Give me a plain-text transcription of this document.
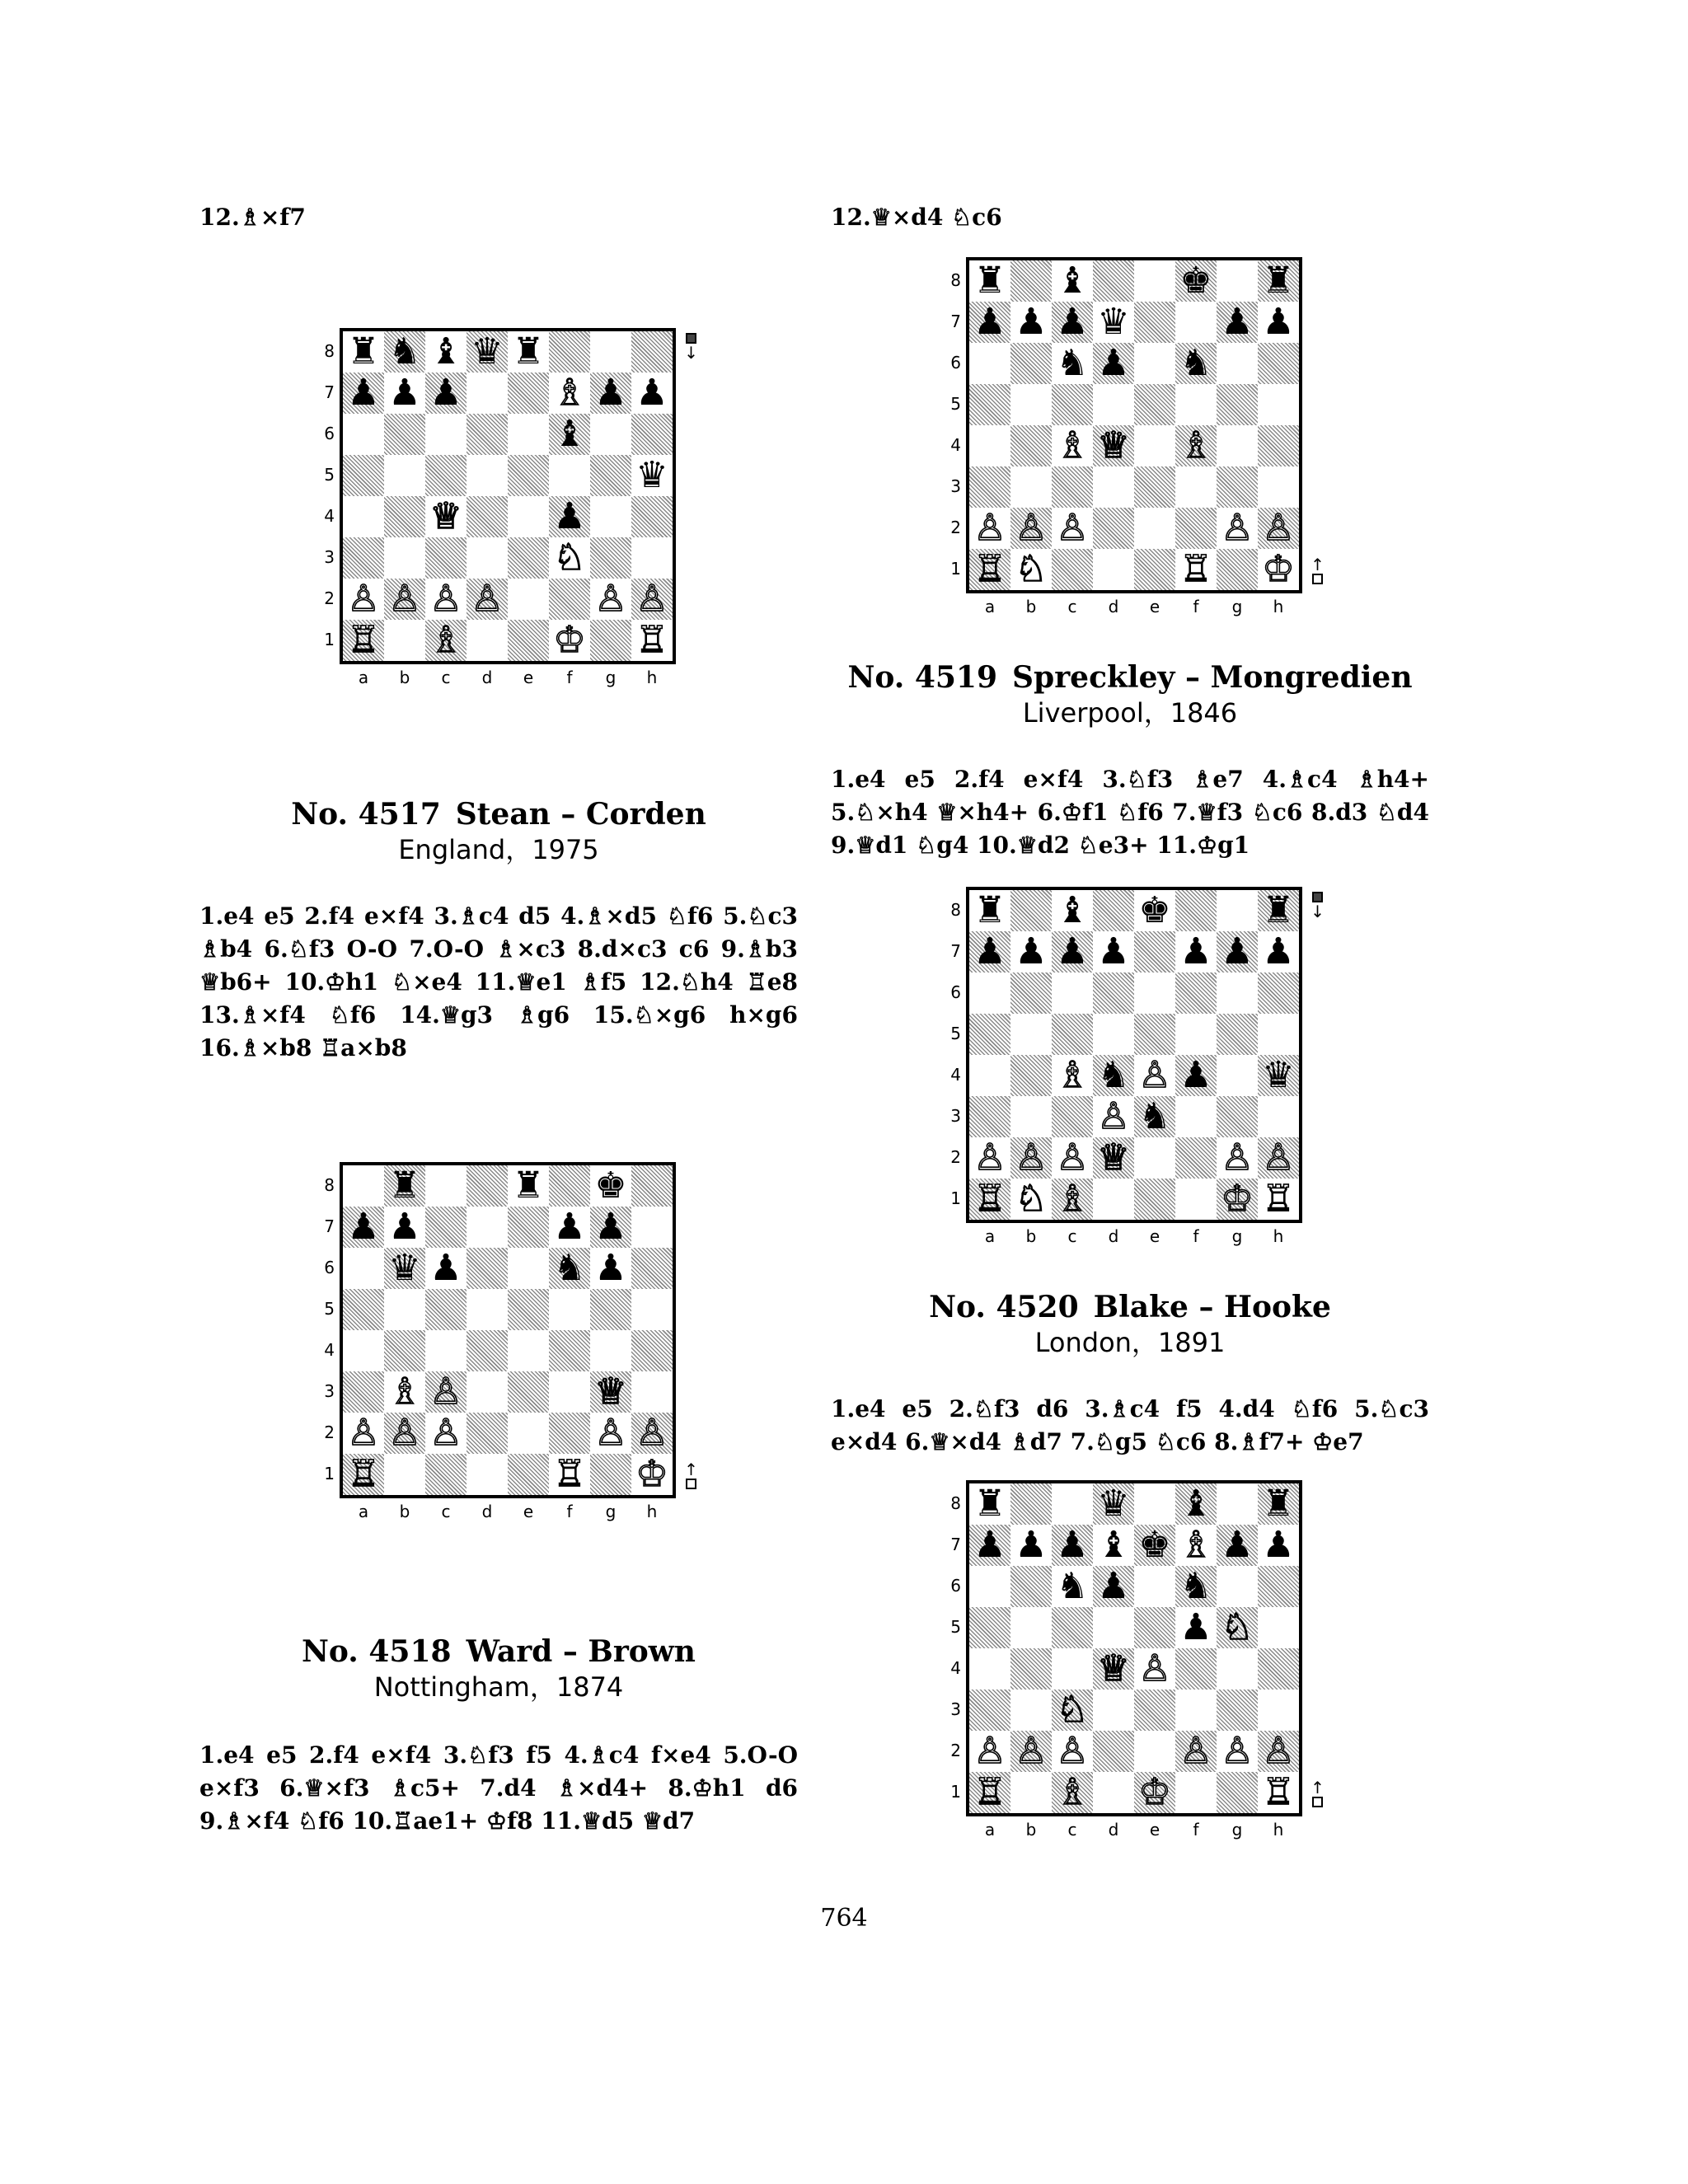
12.♗×f7
♜ ♞ ♝ ♛ ♜
♟ ♟ ♟	♗ ♟ ♟
♝
♛
♕	♟
♘
♙ ♙ ♙ ♙	♙ ♙
♖ ♗	♔ ♖
8
7
6
5
4
3
2
1
a	b	c	d	e	f	g	h
↓
No. 4517 Stean – Corden
England，1975
1.e4 e5 2.f4 e×f4 3.♗c4 d5 4.♗×d5 ♘f6 5.♘c3 ♗b4 6.♘f3 O-O 7.O-O ♗×c3 8.d×c3 c6 9.♗b3 ♕b6+ 10.♔h1 ♘×e4 11.♕e1 ♗f5 12.♘h4 ♖e8 13.♗×f4 ♘f6 14.♕g3 ♗g6 15.♘×g6 h×g6 16.♗×b8 ♖a×b8
♜	♜ ♚
♟ ♟	♟ ♟
♛ ♟	♞ ♟
♗ ♙	♕
♙ ♙ ♙	♙ ♙
♖	♖ ♔
8
7
6
5
4
3
2
1
a	b	c	d	e	f	g	h
↑
No. 4518 Ward – Brown
Nottingham，1874
1.e4 e5 2.f4 e×f4 3.♘f3 f5 4.♗c4 f×e4 5.O-O e×f3 6.♕×f3 ♗c5+ 7.d4 ♗×d4+ 8.♔h1 d6 9.♗×f4 ♘f6 10.♖ae1+ ♔f8 11.♕d5 ♕d7
12.♕×d4 ♘c6
♜ ♝	♚ ♜
♟ ♟ ♟ ♛	♟ ♟
♞ ♟ ♞
♗ ♕ ♗
♙ ♙ ♙	♙ ♙
♖ ♘	♖ ♔
8
7
6
5
4
3
2
1
a	b	c	d	e	f	g	h
↑
No. 4519 Spreckley – Mongredien
Liverpool，1846
1.e4 e5 2.f4 e×f4 3.♘f3 ♗e7 4.♗c4 ♗h4+ 5.♘×h4 ♕×h4+ 6.♔f1 ♘f6 7.♕f3 ♘c6 8.d3 ♘d4 9.♕d1 ♘g4 10.♕d2 ♘e3+ 11.♔g1
♜ ♝ ♚	♜
♟ ♟ ♟ ♟ ♟ ♟ ♟
♗ ♞ ♙ ♟ ♛
♙ ♞
♙ ♙ ♙ ♕	♙ ♙
♖ ♘ ♗	♔ ♖
8
7
6
5
4
3
2
1
a	b	c	d	e	f	g	h
↓
No. 4520 Blake – Hooke
London，1891
1.e4 e5 2.♘f3 d6 3.♗c4 f5 4.d4 ♘f6 5.♘c3 e×d4 6.♕×d4 ♗d7 7.♘g5 ♘c6 8.♗f7+ ♔e7
♜	♛ ♝ ♜
♟ ♟ ♟ ♝ ♚ ♗ ♟ ♟
♞ ♟ ♞
♟ ♘
♕ ♙
♘
♙ ♙ ♙	♙ ♙ ♙
♖ ♗ ♔	♖
8
7
6
5
4
3
2
1
a	b	c	d	e	f	g	h
↑
764
